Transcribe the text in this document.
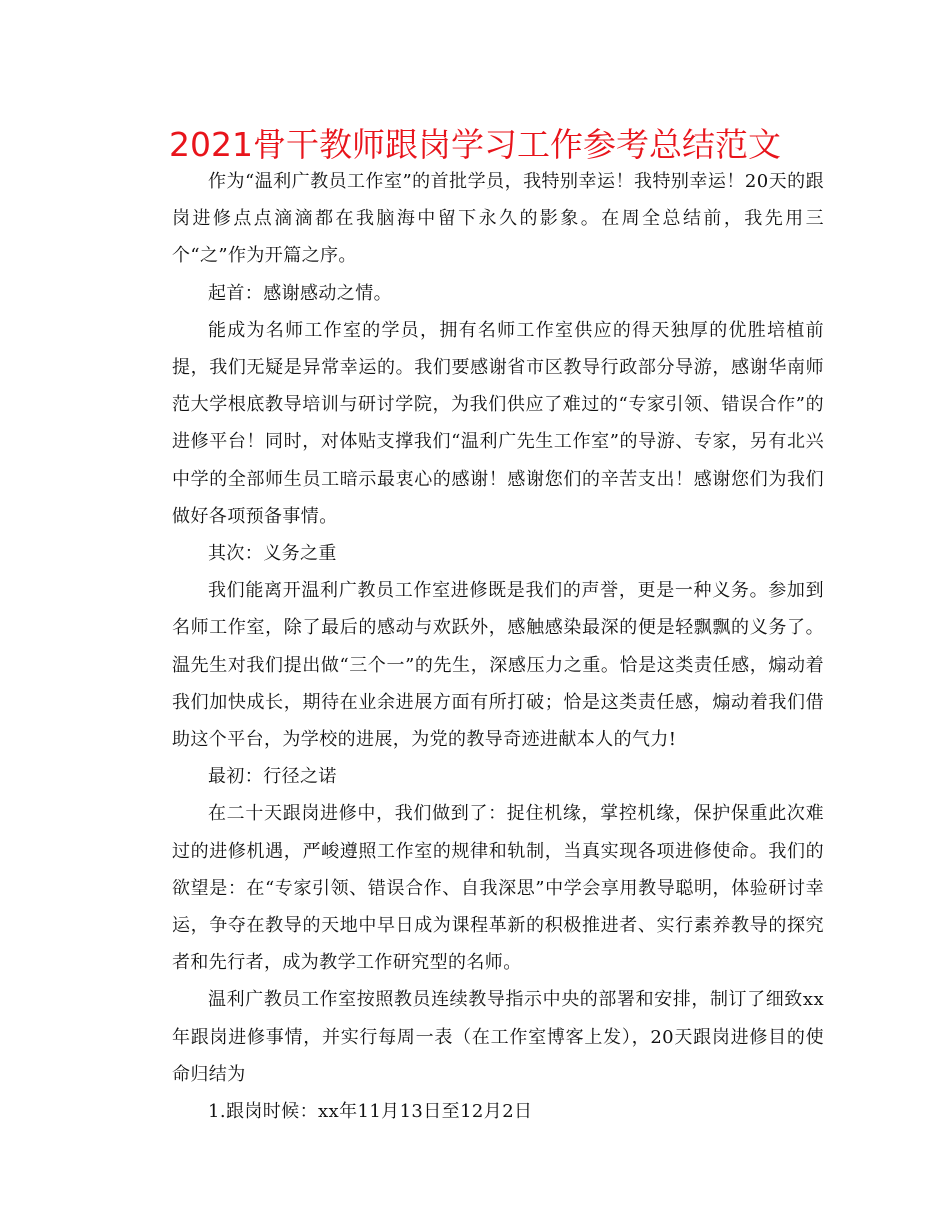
2021骨干教师跟岗学习工作参考总结范文

作为“温利广教员工作室”的首批学员，我特别幸运！我特别幸运！20天的跟岗进修点点滴滴都在我脑海中留下永久的影象。在周全总结前，我先用三个“之”作为开篇之序。

起首：感谢感动之情。

能成为名师工作室的学员，拥有名师工作室供应的得天独厚的优胜培植前提，我们无疑是异常幸运的。我们要感谢省市区教导行政部分导游，感谢华南师范大学根底教导培训与研讨学院，为我们供应了难过的“专家引领、错误合作”的进修平台！同时，对体贴支撑我们“温利广先生工作室”的导游、专家，另有北兴中学的全部师生员工暗示最衷心的感谢！感谢您们的辛苦支出！感谢您们为我们做好各项预备事情。

其次：义务之重

我们能离开温利广教员工作室进修既是我们的声誉，更是一种义务。参加到名师工作室，除了最后的感动与欢跃外，感触感染最深的便是轻飘飘的义务了。温先生对我们提出做“三个一”的先生，深感压力之重。恰是这类责任感，煽动着我们加快成长，期待在业余进展方面有所打破；恰是这类责任感，煽动着我们借助这个平台，为学校的进展，为党的教导奇迹进献本人的气力!

最初：行径之诺

在二十天跟岗进修中，我们做到了：捉住机缘，掌控机缘，保护保重此次难过的进修机遇，严峻遵照工作室的规律和轨制，当真实现各项进修使命。我们的欲望是：在“专家引领、错误合作、自我深思”中学会享用教导聪明，体验研讨幸运，争夺在教导的天地中早日成为课程革新的积极推进者、实行素养教导的探究者和先行者，成为教学工作研究型的名师。

温利广教员工作室按照教员连续教导指示中央的部署和安排，制订了细致xx年跟岗进修事情，并实行每周一表（在工作室博客上发），20天跟岗进修目的使命归结为

1.跟岗时候：xx年11月13日至12月2日
